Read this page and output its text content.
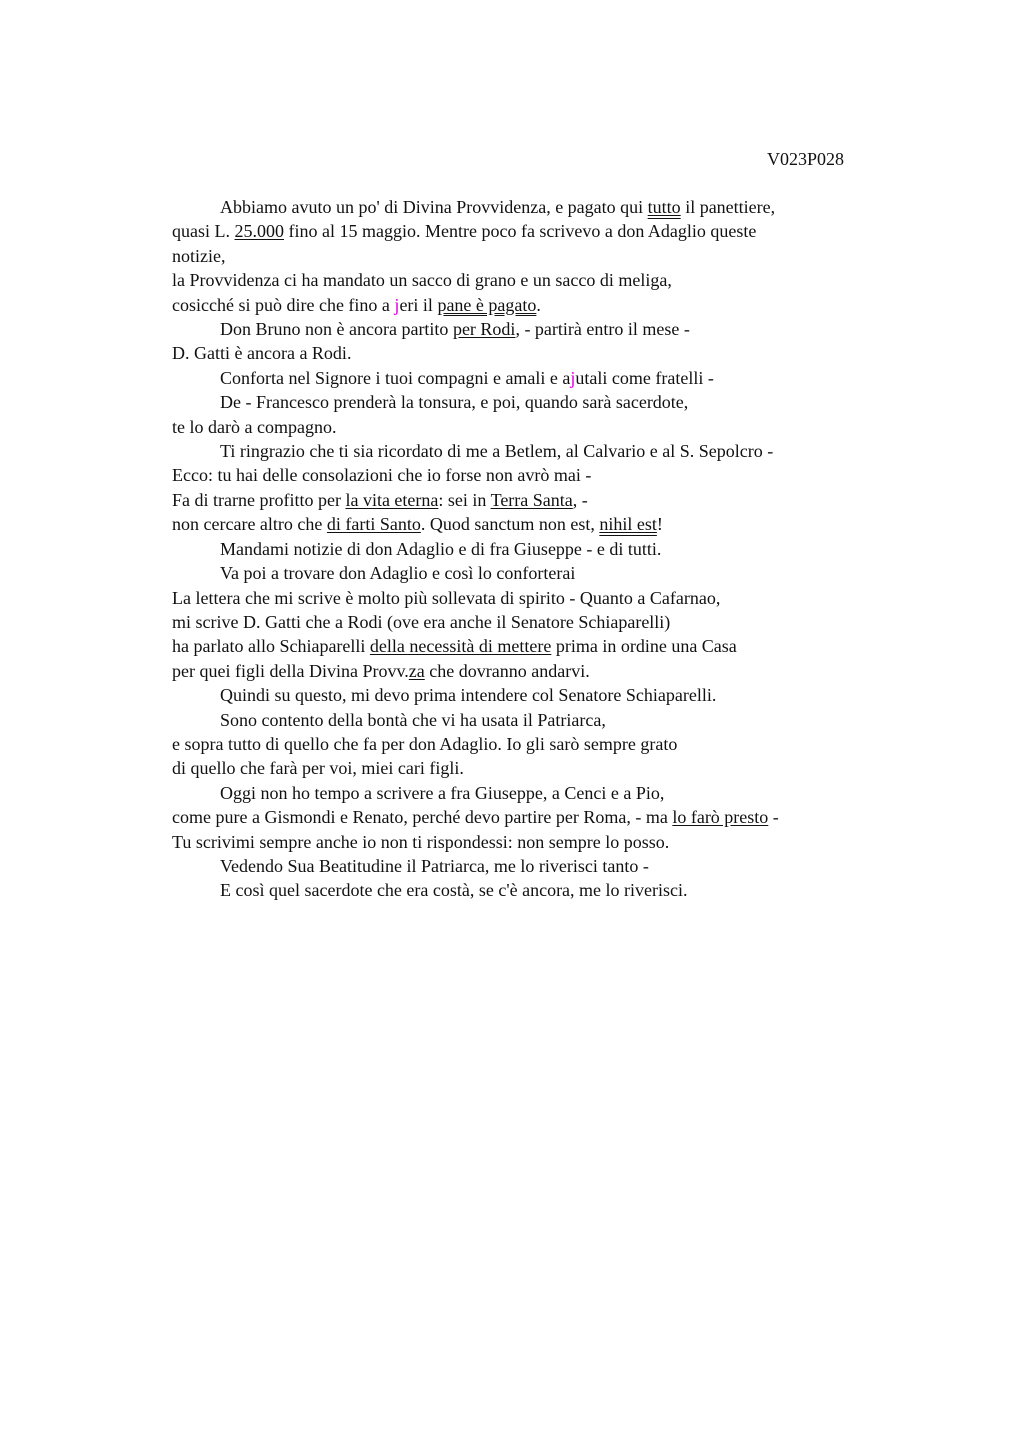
V023P028

Abbiamo avuto un po' di Divina Provvidenza, e pagato qui tutto il panettiere,
quasi L. 25.000 fino al 15 maggio. Mentre poco fa scrivevo a don Adaglio queste
notizie,
la Provvidenza ci ha mandato un sacco di grano e un sacco di meliga,
cosicché si può dire che fino a jeri il pane è pagato.
Don Bruno non è ancora partito per Rodi, - partirà entro il mese -
D. Gatti è ancora a Rodi.
Conforta nel Signore i tuoi compagni e amali e ajutali come fratelli -
De - Francesco prenderà la tonsura, e poi, quando sarà sacerdote,
te lo darò a compagno.
Ti ringrazio che ti sia ricordato di me a Betlem, al Calvario e al S. Sepolcro -
Ecco: tu hai delle consolazioni che io forse non avrò mai -
Fa di trarne profitto per la vita eterna: sei in Terra Santa, -
non cercare altro che di farti Santo. Quod sanctum non est, nihil est!
Mandami notizie di don Adaglio e di fra Giuseppe - e di tutti.
Va poi a trovare don Adaglio e così lo conforterai
La lettera che mi scrive è molto più sollevata di spirito - Quanto a Cafarnao,
mi scrive D. Gatti che a Rodi (ove era anche il Senatore Schiaparelli)
ha parlato allo Schiaparelli della necessità di mettere prima in ordine una Casa
per quei figli della Divina Provv.za che dovranno andarvi.
Quindi su questo, mi devo prima intendere col Senatore Schiaparelli.
Sono contento della bontà che vi ha usata il Patriarca,
e sopra tutto di quello che fa per don Adaglio. Io gli sarò sempre grato
di quello che farà per voi, miei cari figli.
Oggi non ho tempo a scrivere a fra Giuseppe, a Cenci e a Pio,
come pure a Gismondi e Renato, perché devo partire per Roma, - ma lo farò presto -
Tu scrivimi sempre anche io non ti rispondessi: non sempre lo posso.
Vedendo Sua Beatitudine il Patriarca, me lo riverisci tanto -
E così quel sacerdote che era costà, se c'è ancora, me lo riverisci.
